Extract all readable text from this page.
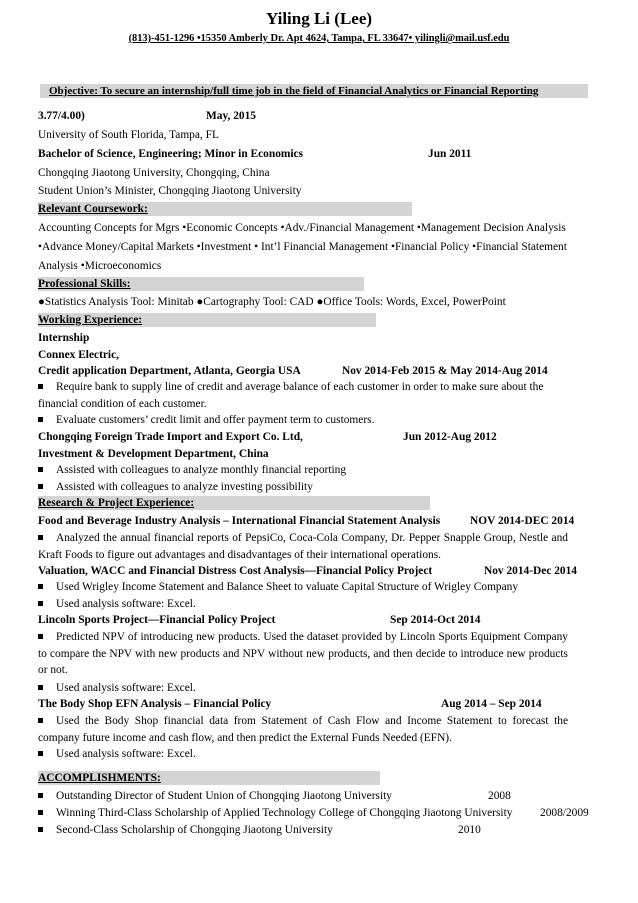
Yiling Li (Lee)
(813)-451-1296 •15350 Amberly Dr. Apt 4624, Tampa, FL 33647• yilingli@mail.usf.edu
Objective: To secure an internship/full time job in the field of Financial Analytics or Financial Reporting
3.77/4.00)	May, 2015
University of South Florida, Tampa, FL
Bachelor of Science, Engineering; Minor in Economics	Jun 2011
Chongqing Jiaotong University, Chongqing, China
Student Union’s Minister, Chongqing Jiaotong University
Relevant Coursework:
Accounting Concepts for Mgrs •Economic Concepts •Adv./Financial Management •Management Decision Analysis
•Advance Money/Capital Markets •Investment • Int’l Financial Management •Financial Policy •Financial Statement
Analysis •Microeconomics
Professional Skills:
●Statistics Analysis Tool: Minitab ●Cartography Tool: CAD ●Office Tools: Words, Excel, PowerPoint
Working Experience:
Internship
Connex Electric,
Credit application Department, Atlanta, Georgia USA	Nov 2014-Feb 2015 & May 2014-Aug 2014
Require bank to supply line of credit and average balance of each customer in order to make sure about the
financial condition of each customer.
Evaluate customers’ credit limit and offer payment term to customers.
Chongqing Foreign Trade Import and Export Co. Ltd,	Jun 2012-Aug 2012
Investment & Development Department, China
Assisted with colleagues to analyze monthly financial reporting
Assisted with colleagues to analyze investing possibility
Research & Project Experience:
Food and Beverage Industry Analysis – International Financial Statement Analysis	NOV 2014-DEC 2014
Analyzed the annual financial reports of PepsiCo, Coca-Cola Company, Dr. Pepper Snapple Group, Nestle and Kraft Foods to figure out advantages and disadvantages of their international operations.
Valuation, WACC and Financial Distress Cost Analysis—Financial Policy Project	Nov 2014-Dec 2014
Used Wrigley Income Statement and Balance Sheet to valuate Capital Structure of Wrigley Company
Used analysis software: Excel.
Lincoln Sports Project—Financial Policy Project	Sep 2014-Oct 2014
Predicted NPV of introducing new products. Used the dataset provided by Lincoln Sports Equipment Company to compare the NPV with new products and NPV without new products, and then decide to introduce new products or not.
Used analysis software: Excel.
The Body Shop EFN Analysis – Financial Policy	Aug 2014 – Sep 2014
Used the Body Shop financial data from Statement of Cash Flow and Income Statement to forecast the company future income and cash flow, and then predict the External Funds Needed (EFN).
Used analysis software: Excel.
ACCOMPLISHMENTS:
Outstanding Director of Student Union of Chongqing Jiaotong University	2008
Winning Third-Class Scholarship of Applied Technology College of Chongqing Jiaotong University 2008/2009
Second-Class Scholarship of Chongqing Jiaotong University	2010
